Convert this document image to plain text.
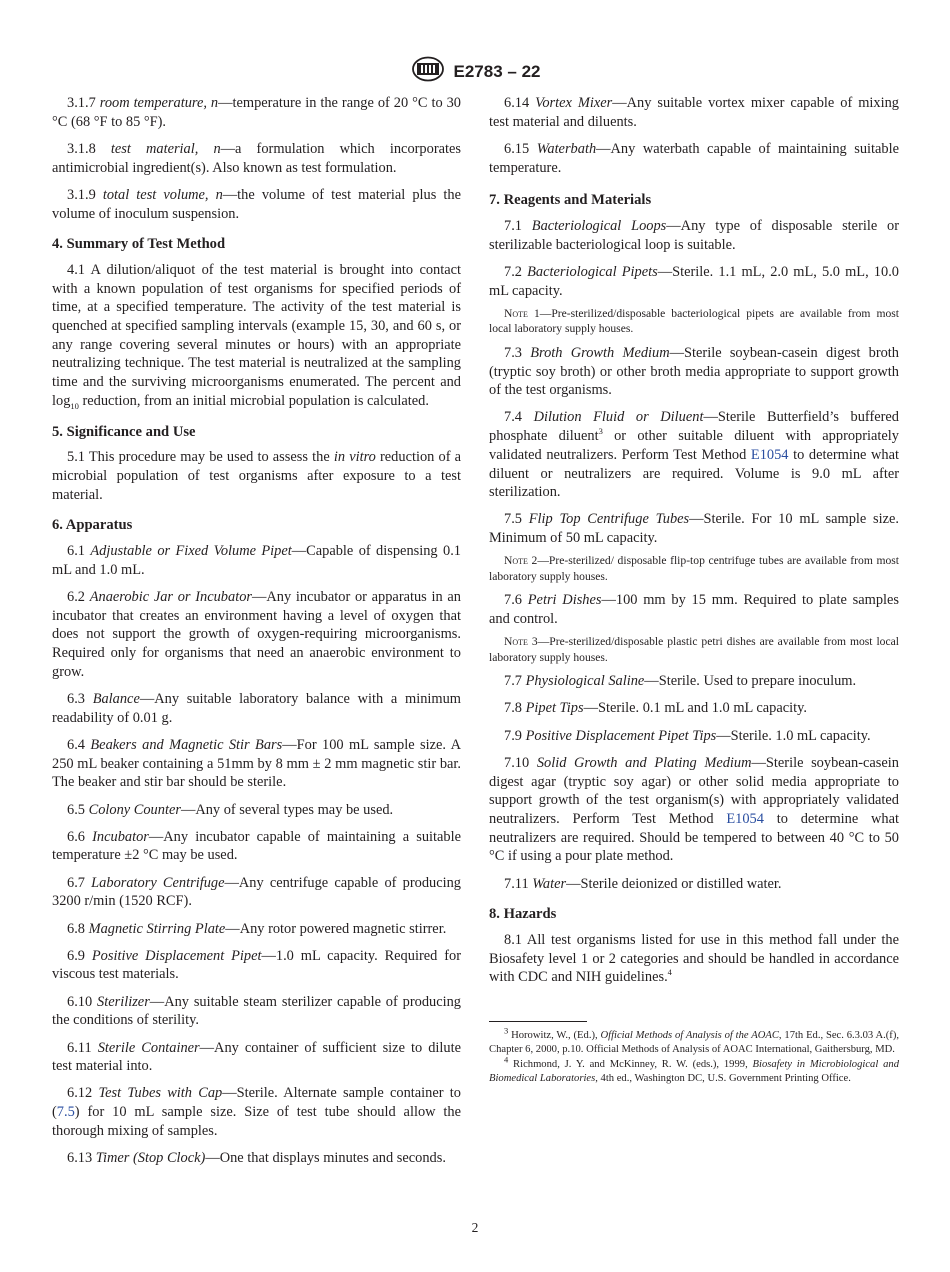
E2783 – 22

3.1.7 room temperature, n—temperature in the range of 20 °C to 30 °C (68 °F to 85 °F).

3.1.8 test material, n—a formulation which incorporates antimicrobial ingredient(s). Also known as test formulation.

3.1.9 total test volume, n—the volume of test material plus the volume of inoculum suspension.

4. Summary of Test Method

4.1 A dilution/aliquot of the test material is brought into contact with a known population of test organisms for specified periods of time, at a specified temperature. The activity of the test material is quenched at specified sampling intervals (example 15, 30, and 60 s, or any range covering several minutes or hours) with an appropriate neutralizing technique. The test material is neutralized at the sampling time and the surviving microorganisms enumerated. The percent and $\log_{10}$ reduction, from an initial microbial population is calculated.

5. Significance and Use

5.1 This procedure may be used to assess the in vitro reduction of a microbial population of test organisms after exposure to a test material.

6. Apparatus

6.1 Adjustable or Fixed Volume Pipet—Capable of dispensing 0.1 mL and 1.0 mL.

6.2 Anaerobic Jar or Incubator—Any incubator or apparatus in an incubator that creates an environment having a level of oxygen that does not support the growth of oxygen-requiring microorganisms. Required only for organisms that need an anaerobic environment to grow.

6.3 Balance—Any suitable laboratory balance with a minimum readability of 0.01 g.

6.4 Beakers and Magnetic Stir Bars—For 100 mL sample size. A 250 mL beaker containing a 51mm by 8 mm ± 2 mm magnetic stir bar. The beaker and stir bar should be sterile.

6.5 Colony Counter—Any of several types may be used.

6.6 Incubator—Any incubator capable of maintaining a suitable temperature ±2 °C may be used.

6.7 Laboratory Centrifuge—Any centrifuge capable of producing 3200 r/min (1520 RCF).

6.8 Magnetic Stirring Plate—Any rotor powered magnetic stirrer.

6.9 Positive Displacement Pipet—1.0 mL capacity. Required for viscous test materials.

6.10 Sterilizer—Any suitable steam sterilizer capable of producing the conditions of sterility.

6.11 Sterile Container—Any container of sufficient size to dilute test material into.

6.12 Test Tubes with Cap—Sterile. Alternate sample container to (7.5) for 10 mL sample size. Size of test tube should allow the thorough mixing of samples.

6.13 Timer (Stop Clock)—One that displays minutes and seconds.

6.14 Vortex Mixer—Any suitable vortex mixer capable of mixing test material and diluents.

6.15 Waterbath—Any waterbath capable of maintaining suitable temperature.

7. Reagents and Materials

7.1 Bacteriological Loops—Any type of disposable sterile or sterilizable bacteriological loop is suitable.

7.2 Bacteriological Pipets—Sterile. 1.1 mL, 2.0 mL, 5.0 mL, 10.0 mL capacity.

Note 1—Pre-sterilized/disposable bacteriological pipets are available from most local laboratory supply houses.

7.3 Broth Growth Medium—Sterile soybean-casein digest broth (tryptic soy broth) or other broth media appropriate to support growth of the test organisms.

7.4 Dilution Fluid or Diluent—Sterile Butterfield’s buffered phosphate diluent$^3$ or other suitable diluent with appropriately validated neutralizers. Perform Test Method E1054 to determine what diluent or neutralizers are required. Volume is 9.0 mL after sterilization.

7.5 Flip Top Centrifuge Tubes—Sterile. For 10 mL sample size. Minimum of 50 mL capacity.

Note 2—Pre-sterilized/ disposable flip-top centrifuge tubes are available from most laboratory supply houses.

7.6 Petri Dishes—100 mm by 15 mm. Required to plate samples and control.

Note 3—Pre-sterilized/disposable plastic petri dishes are available from most local laboratory supply houses.

7.7 Physiological Saline—Sterile. Used to prepare inoculum.

7.8 Pipet Tips—Sterile. 0.1 mL and 1.0 mL capacity.

7.9 Positive Displacement Pipet Tips—Sterile. 1.0 mL capacity.

7.10 Solid Growth and Plating Medium—Sterile soybean-casein digest agar (tryptic soy agar) or other solid media appropriate to support growth of the test organism(s) with appropriately validated neutralizers. Perform Test Method E1054 to determine what neutralizers are required. Should be tempered to between 40 °C to 50 °C if using a pour plate method.

7.11 Water—Sterile deionized or distilled water.

8. Hazards

8.1 All test organisms listed for use in this method fall under the Biosafety level 1 or 2 categories and should be handled in accordance with CDC and NIH guidelines.$^4$

$^3$ Horowitz, W., (Ed.), Official Methods of Analysis of the AOAC, 17th Ed., Sec. 6.3.03 A.(f), Chapter 6, 2000, p.10. Official Methods of Analysis of AOAC International, Gaithersburg, MD.

$^4$ Richmond, J. Y. and McKinney, R. W. (eds.), 1999, Biosafety in Microbiological and Biomedical Laboratories, 4th ed., Washington DC, U.S. Government Printing Office.

2
